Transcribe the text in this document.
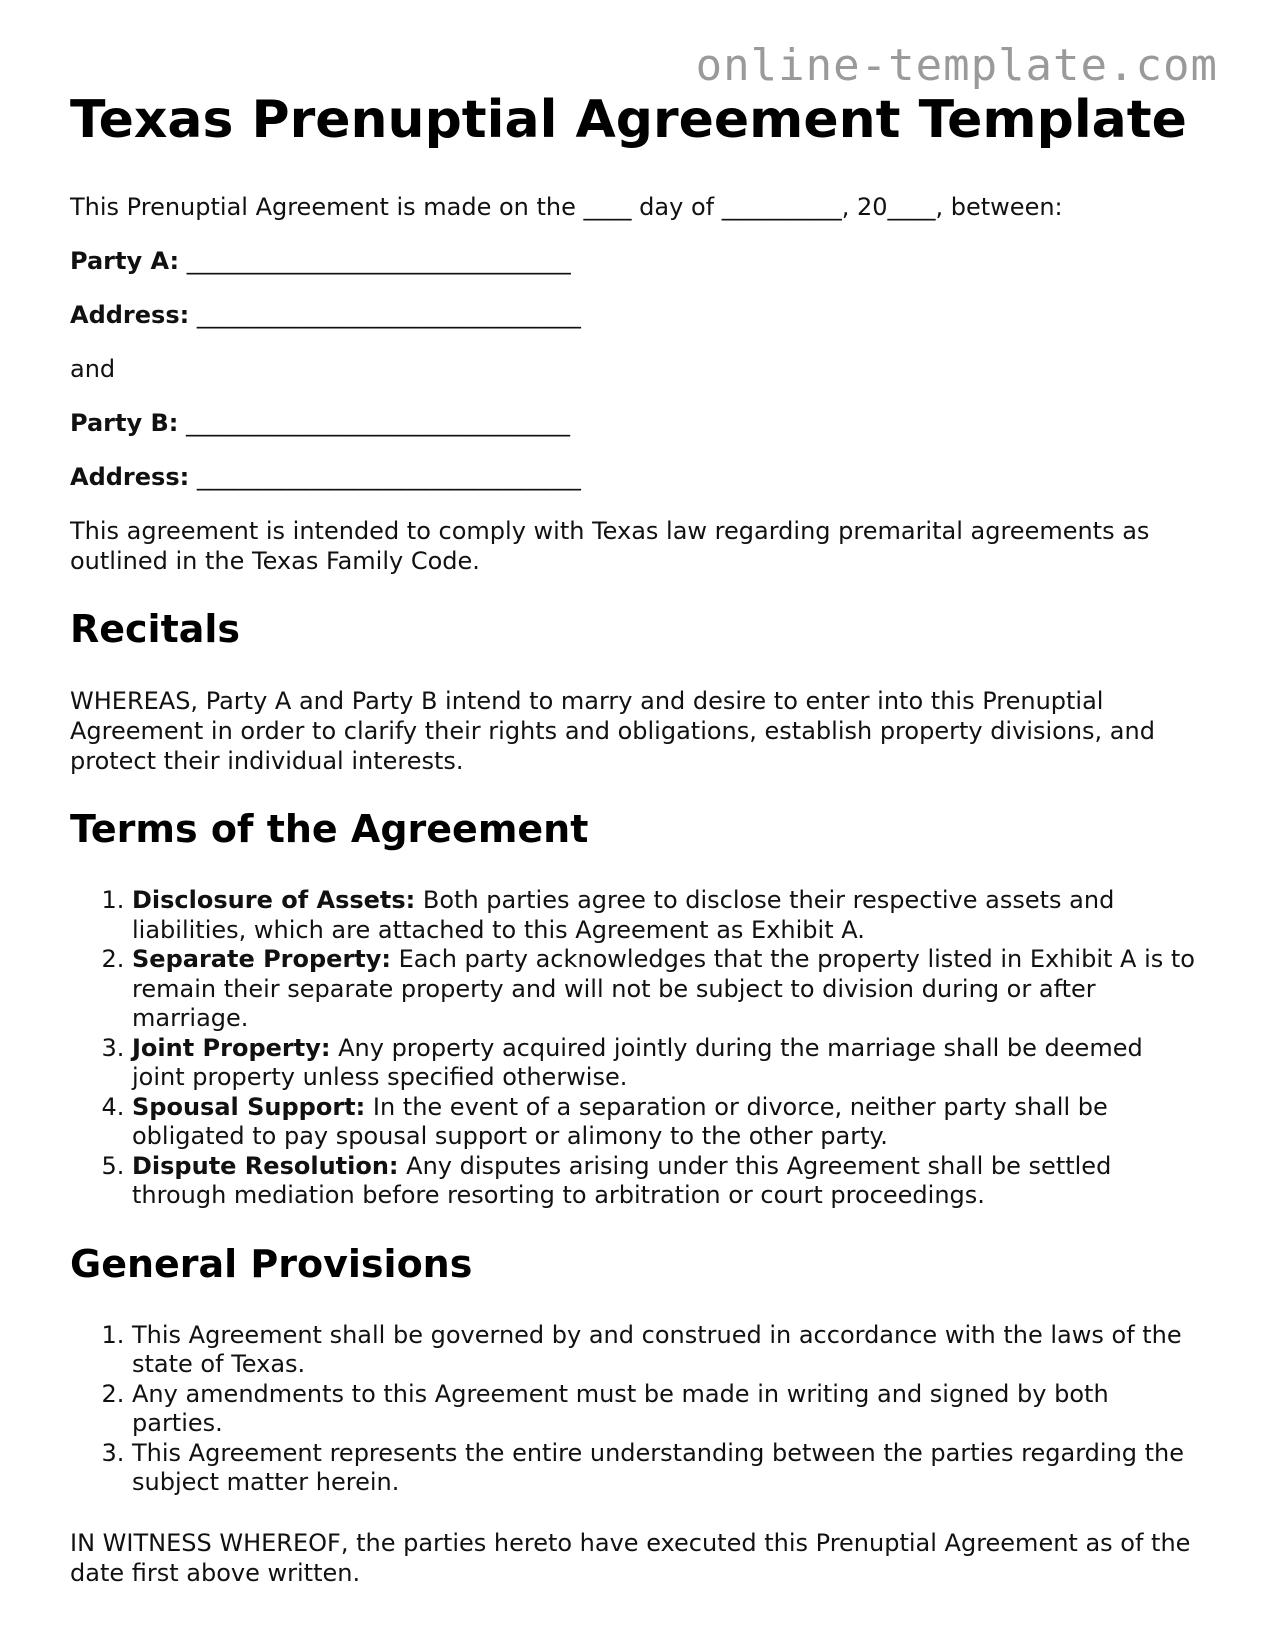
online-template.com
Texas Prenuptial Agreement Template

This Prenuptial Agreement is made on the ____ day of __________, 20____, between:

Party A: ________________________________

Address: ________________________________

and

Party B: ________________________________

Address: ________________________________

This agreement is intended to comply with Texas law regarding premarital agreements as outlined in the Texas Family Code.

Recitals

WHEREAS, Party A and Party B intend to marry and desire to enter into this Prenuptial Agreement in order to clarify their rights and obligations, establish property divisions, and protect their individual interests.

Terms of the Agreement
1. Disclosure of Assets: Both parties agree to disclose their respective assets and liabilities, which are attached to this Agreement as Exhibit A.
2. Separate Property: Each party acknowledges that the property listed in Exhibit A is to remain their separate property and will not be subject to division during or after marriage.
3. Joint Property: Any property acquired jointly during the marriage shall be deemed joint property unless specified otherwise.
4. Spousal Support: In the event of a separation or divorce, neither party shall be obligated to pay spousal support or alimony to the other party.
5. Dispute Resolution: Any disputes arising under this Agreement shall be settled through mediation before resorting to arbitration or court proceedings.
General Provisions
1. This Agreement shall be governed by and construed in accordance with the laws of the state of Texas.
2. Any amendments to this Agreement must be made in writing and signed by both parties.
3. This Agreement represents the entire understanding between the parties regarding the subject matter herein.

IN WITNESS WHEREOF, the parties hereto have executed this Prenuptial Agreement as of the date first above written.
